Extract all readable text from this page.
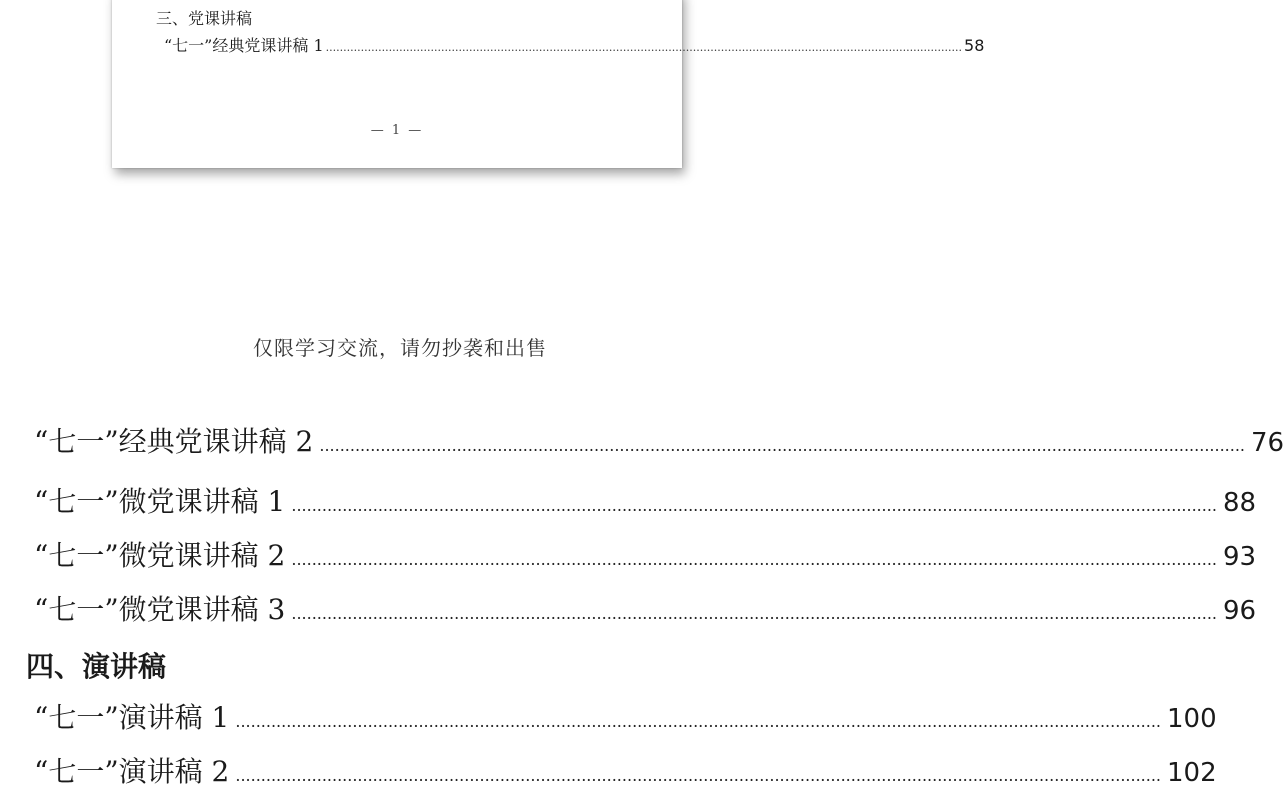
三、党课讲稿
“七一”经典党课讲稿 1 ...................................................................................................................................................................................... 58
— 1 —
仅限学习交流，请勿抄袭和出售
“七一”经典党课讲稿 2 ...................................................................................................................................................................................... 76
“七一”微党课讲稿 1 ...................................................................................................................................................................................... 88
“七一”微党课讲稿 2 ...................................................................................................................................................................................... 93
“七一”微党课讲稿 3 ...................................................................................................................................................................................... 96
四、演讲稿
“七一”演讲稿 1 ...................................................................................................................................................................................... 100
“七一”演讲稿 2 ...................................................................................................................................................................................... 102
